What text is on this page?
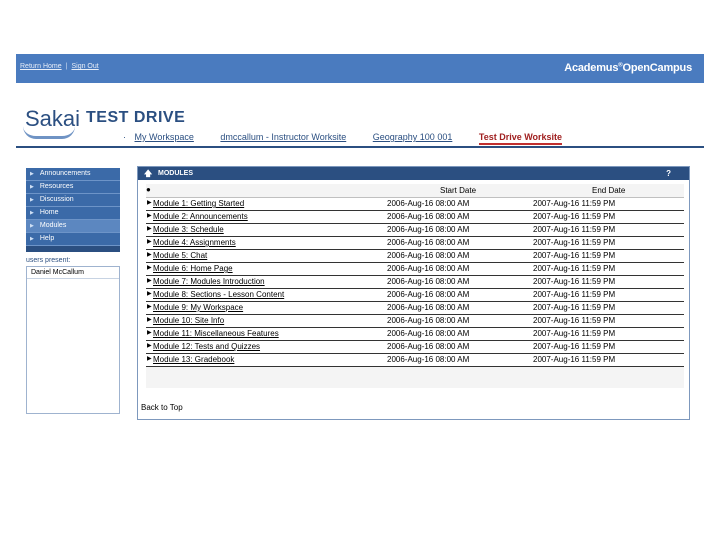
Return Home | Sign Out	Academus®OpenCampus
Sakai TEST DRIVE
· My Workspace	dmccallum - Instructor Worksite	Geography 100 001	Test Drive Worksite
▶ Announcements
▶ Resources
▶ Discussion
▶ Home
▶ Modules
▶ Help
users present:
Daniel McCallum
🡅 MODULES	?
●	Start Date	End Date
▶ Module 1: Getting Started	2006-Aug-16 08:00 AM	2007-Aug-16 11:59 PM
▶ Module 2: Announcements	2006-Aug-16 08:00 AM	2007-Aug-16 11:59 PM
▶ Module 3: Schedule	2006-Aug-16 08:00 AM	2007-Aug-16 11:59 PM
▶ Module 4: Assignments	2006-Aug-16 08:00 AM	2007-Aug-16 11:59 PM
▶ Module 5: Chat	2006-Aug-16 08:00 AM	2007-Aug-16 11:59 PM
▶ Module 6: Home Page	2006-Aug-16 08:00 AM	2007-Aug-16 11:59 PM
▶ Module 7: Modules Introduction	2006-Aug-16 08:00 AM	2007-Aug-16 11:59 PM
▶ Module 8: Sections - Lesson Content	2006-Aug-16 08:00 AM	2007-Aug-16 11:59 PM
▶ Module 9: My Workspace	2006-Aug-16 08:00 AM	2007-Aug-16 11:59 PM
▶ Module 10: Site Info	2006-Aug-16 08:00 AM	2007-Aug-16 11:59 PM
▶ Module 11: Miscellaneous Features	2006-Aug-16 08:00 AM	2007-Aug-16 11:59 PM
▶ Module 12: Tests and Quizzes	2006-Aug-16 08:00 AM	2007-Aug-16 11:59 PM
▶ Module 13: Gradebook	2006-Aug-16 08:00 AM	2007-Aug-16 11:59 PM
Back to Top
